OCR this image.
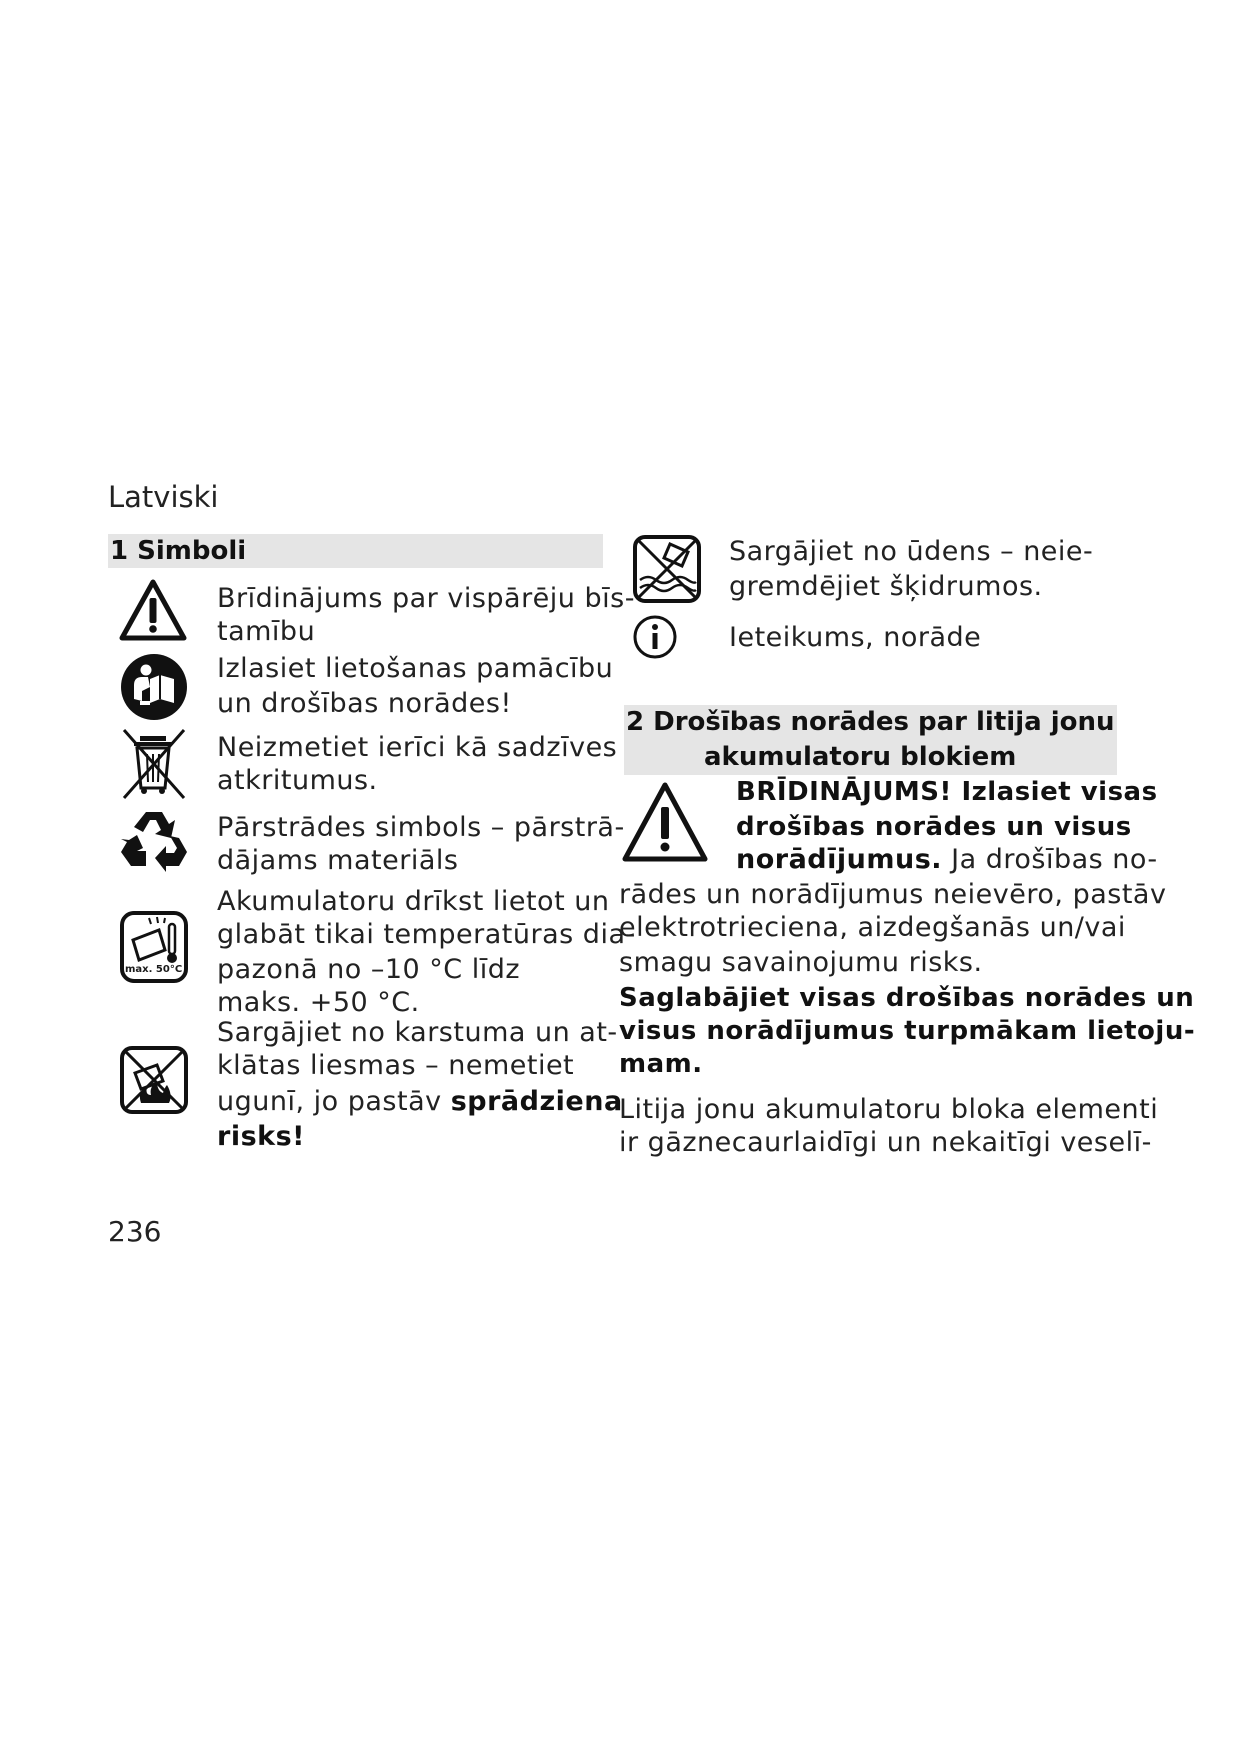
Latviski
1 Simboli
Brīdinājums par vispārēju bīs-
tamību
Izlasiet lietošanas pamācību
un drošības norādes!
Neizmetiet ierīci kā sadzīves
atkritumus.
Pārstrādes simbols – pārstrā-
dājams materiāls
max. 50°C
Akumulatoru drīkst lietot un
glabāt tikai temperatūras dia-
pazonā no –10 °C līdz
maks. +50 °C.
Sargājiet no karstuma un at-
klātas liesmas – nemetiet
ugunī, jo pastāv sprādziena
risks!
Sargājiet no ūdens – neie-
gremdējiet šķidrumos.
Ieteikums, norāde
2 Drošības norādes par litija jonu
akumulatoru blokiem
BRĪDINĀJUMS! Izlasiet visas
drošības norādes un visus
norādījumus. Ja drošības no-
rādes un norādījumus neievēro, pastāv
elektrotrieciena, aizdegšanās un/vai
smagu savainojumu risks.
Saglabājiet visas drošības norādes un
visus norādījumus turpmākam lietoju-
mam.
Litija jonu akumulatoru bloka elementi
ir gāznecaurlaidīgi un nekaitīgi veselī-
236
